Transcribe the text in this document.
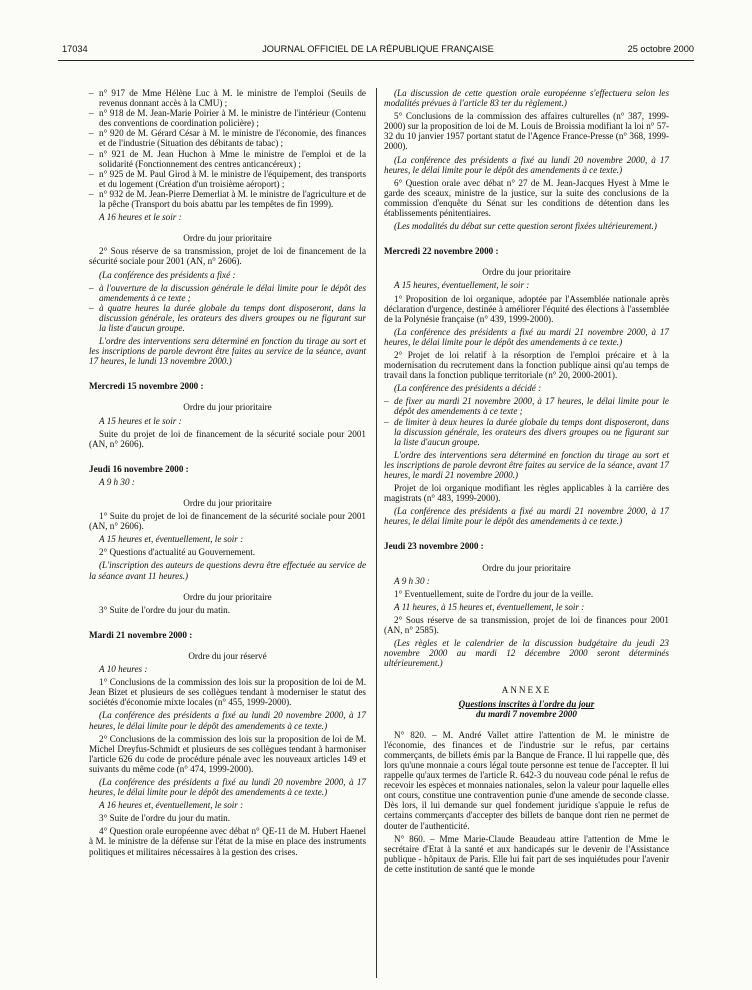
17034	JOURNAL OFFICIEL DE LA RÉPUBLIQUE FRANÇAISE	25 octobre 2000
– n° 917 de Mme Hélène Luc à M. le ministre de l'emploi (Seuils de revenus donnant accès à la CMU) ;
– n° 918 de M. Jean-Marie Poirier à M. le ministre de l'intérieur (Contenu des conventions de coordination policière) ;
– n° 920 de M. Gérard César à M. le ministre de l'économie, des finances et de l'industrie (Situation des débitants de tabac) ;
– n° 921 de M. Jean Huchon à Mme le ministre de l'emploi et de la solidarité (Fonctionnement des centres anticancéreux) ;
– n° 925 de M. Paul Girod à M. le ministre de l'équipement, des transports et du logement (Création d'un troisième aéroport) ;
– n° 932 de M. Jean-Pierre Demerliat à M. le ministre de l'agriculture et de la pêche (Transport du bois abattu par les tempêtes de fin 1999).

A 16 heures et le soir :

Ordre du jour prioritaire

2° Sous réserve de sa transmission, projet de loi de financement de la sécurité sociale pour 2001 (AN, n° 2606).

(La conférence des présidents a fixé :

– à l'ouverture de la discussion générale le délai limite pour le dépôt des amendements à ce texte ;
– à quatre heures la durée globale du temps dont disposeront, dans la discussion générale, les orateurs des divers groupes ou ne figurant sur la liste d'aucun groupe.

L'ordre des interventions sera déterminé en fonction du tirage au sort et les inscriptions de parole devront être faites au service de la séance, avant 17 heures, le lundi 13 novembre 2000.)

Mercredi 15 novembre 2000 :

Ordre du jour prioritaire

A 15 heures et le soir :

Suite du projet de loi de financement de la sécurité sociale pour 2001 (AN, n° 2606).

Jeudi 16 novembre 2000 :

A 9 h 30 :

Ordre du jour prioritaire

1° Suite du projet de loi de financement de la sécurité sociale pour 2001 (AN, n° 2606).

A 15 heures et, éventuellement, le soir :

2° Questions d'actualité au Gouvernement.

(L'inscription des auteurs de questions devra être effectuée au service de la séance avant 11 heures.)

Ordre du jour prioritaire

3° Suite de l'ordre du jour du matin.

Mardi 21 novembre 2000 :

Ordre du jour réservé

A 10 heures :

1° Conclusions de la commission des lois sur la proposition de loi de M. Jean Bizet et plusieurs de ses collègues tendant à moderniser le statut des sociétés d'économie mixte locales (n° 455, 1999-2000).

(La conférence des présidents a fixé au lundi 20 novembre 2000, à 17 heures, le délai limite pour le dépôt des amendements à ce texte.)

2° Conclusions de la commission des lois sur la proposition de loi de M. Michel Dreyfus-Schmidt et plusieurs de ses collègues tendant à harmoniser l'article 626 du code de procédure pénale avec les nouveaux articles 149 et suivants du même code (n° 474, 1999-2000).

(La conférence des présidents a fixé au lundi 20 novembre 2000, à 17 heures, le délai limite pour le dépôt des amendements à ce texte.)

A 16 heures et, éventuellement, le soir :

3° Suite de l'ordre du jour du matin.

4° Question orale européenne avec débat n° QE-11 de M. Hubert Haenel à M. le ministre de la défense sur l'état de la mise en place des instruments politiques et militaires nécessaires à la gestion des crises.

(La discussion de cette question orale européenne s'effectuera selon les modalités prévues à l'article 83 ter du règlement.)

5° Conclusions de la commission des affaires culturelles (n° 387, 1999-2000) sur la proposition de loi de M. Louis de Broissia modifiant la loi n° 57-32 du 10 janvier 1957 portant statut de l'Agence France-Presse (n° 368, 1999-2000).

(La conférence des présidents a fixé au lundi 20 novembre 2000, à 17 heures, le délai limite pour le dépôt des amendements à ce texte.)

6° Question orale avec débat n° 27 de M. Jean-Jacques Hyest à Mme le garde des sceaux, ministre de la justice, sur la suite des conclusions de la commission d'enquête du Sénat sur les conditions de détention dans les établissements pénitentiaires.

(Les modalités du débat sur cette question seront fixées ultérieurement.)

Mercredi 22 novembre 2000 :

Ordre du jour prioritaire

A 15 heures, éventuellement, le soir :

1° Proposition de loi organique, adoptée par l'Assemblée nationale après déclaration d'urgence, destinée à améliorer l'équité des élections à l'assemblée de la Polynésie française (n° 439, 1999-2000).

(La conférence des présidents a fixé au mardi 21 novembre 2000, à 17 heures, le délai limite pour le dépôt des amendements à ce texte.)

2° Projet de loi relatif à la résorption de l'emploi précaire et à la modernisation du recrutement dans la fonction publique ainsi qu'au temps de travail dans la fonction publique territoriale (n° 20, 2000-2001).

(La conférence des présidents a décidé :

– de fixer au mardi 21 novembre 2000, à 17 heures, le délai limite pour le dépôt des amendements à ce texte ;
– de limiter à deux heures la durée globale du temps dont disposeront, dans la discussion générale, les orateurs des divers groupes ou ne figurant sur la liste d'aucun groupe.

L'ordre des interventions sera déterminé en fonction du tirage au sort et les inscriptions de parole devront être faites au service de la séance, avant 17 heures, le mardi 21 novembre 2000.)

Projet de loi organique modifiant les règles applicables à la carrière des magistrats (n° 483, 1999-2000).

(La conférence des présidents a fixé au mardi 21 novembre 2000, à 17 heures, le délai limite pour le dépôt des amendements à ce texte.)

Jeudi 23 novembre 2000 :

Ordre du jour prioritaire

A 9 h 30 :

1° Eventuellement, suite de l'ordre du jour de la veille.

A 11 heures, à 15 heures et, éventuellement, le soir :

2° Sous réserve de sa transmission, projet de loi de finances pour 2001 (AN, n° 2585).

(Les règles et le calendrier de la discussion budgétaire du jeudi 23 novembre 2000 au mardi 12 décembre 2000 seront déterminés ultérieurement.)

ANNEXE

Questions inscrites à l'ordre du jour

du mardi 7 novembre 2000

N° 820. – M. André Vallet attire l'attention de M. le ministre de l'économie, des finances et de l'industrie sur le refus, par certains commerçants, de billets émis par la Banque de France. Il lui rappelle que, dès lors qu'une monnaie a cours légal toute personne est tenue de l'accepter. Il lui rappelle qu'aux termes de l'article R. 642-3 du nouveau code pénal le refus de recevoir les espèces et monnaies nationales, selon la valeur pour laquelle elles ont cours, constitue une contravention punie d'une amende de seconde classe. Dès lors, il lui demande sur quel fondement juridique s'appuie le refus de certains commerçants d'accepter des billets de banque dont rien ne permet de douter de l'authenticité.

N° 860. – Mme Marie-Claude Beaudeau attire l'attention de Mme le secrétaire d'Etat à la santé et aux handicapés sur le devenir de l'Assistance publique - hôpitaux de Paris. Elle lui fait part de ses inquiétudes pour l'avenir de cette institution de santé que le monde
